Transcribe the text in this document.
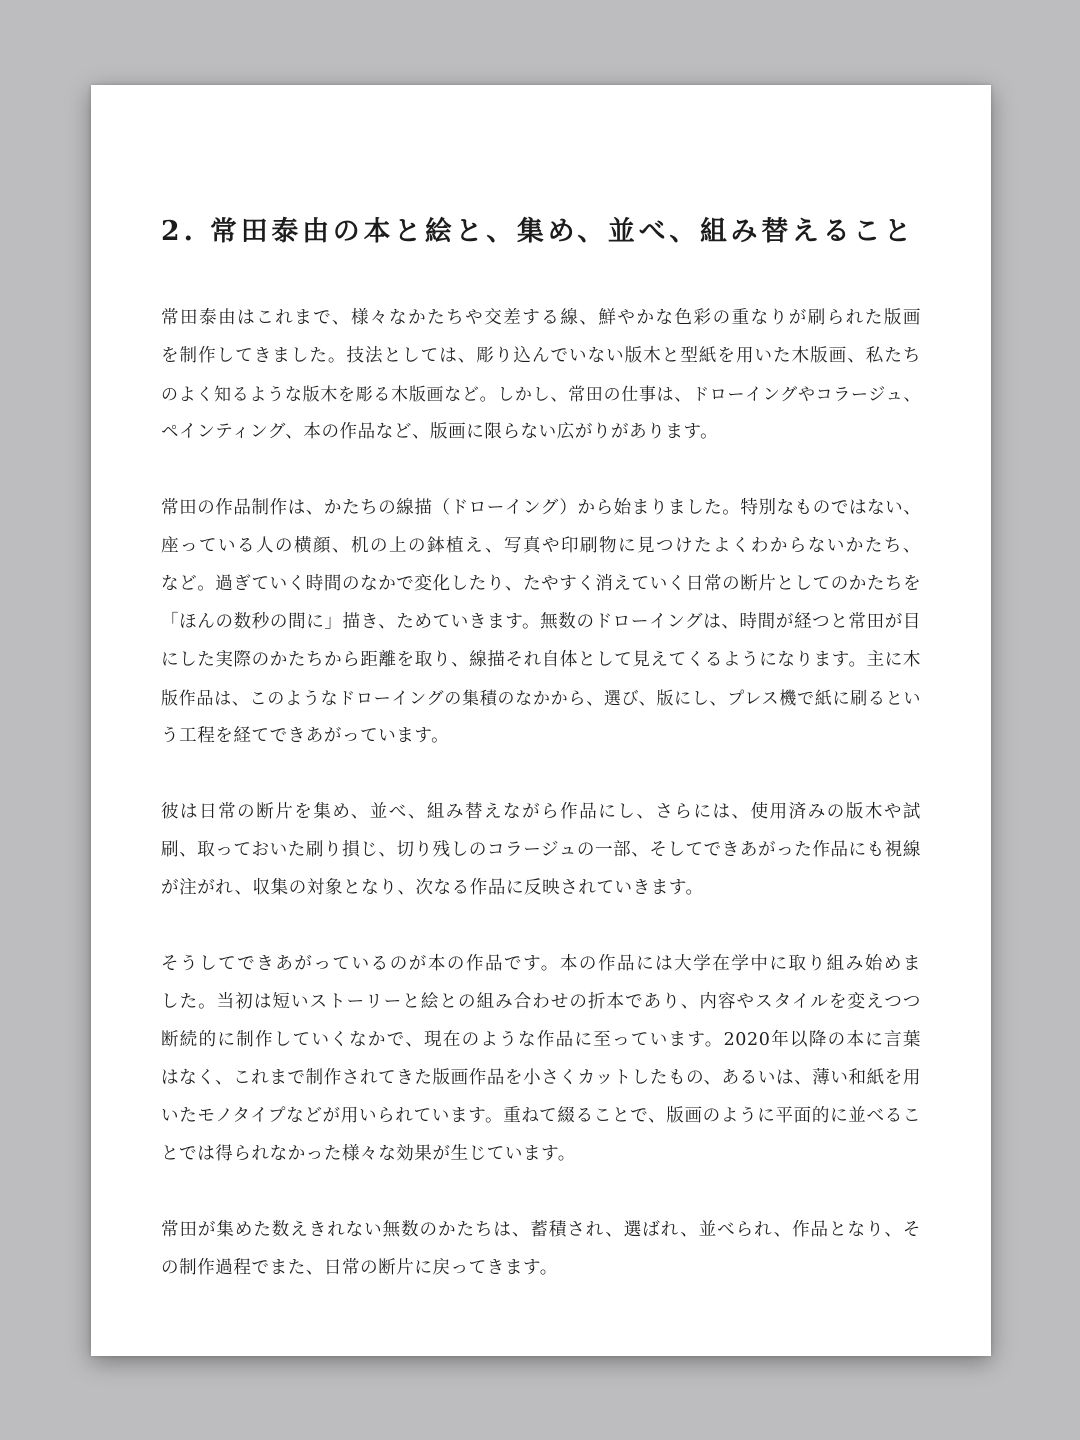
2. 常田泰由の本と絵と、集め、並べ、組み替えること
常田泰由はこれまで、様々なかたちや交差する線、鮮やかな色彩の重なりが刷られた版画
を制作してきました。技法としては、彫り込んでいない版木と型紙を用いた木版画、私たち
のよく知るような版木を彫る木版画など。しかし、常田の仕事は、ドローイングやコラージュ、
ペインティング、本の作品など、版画に限らない広がりがあります。
常田の作品制作は、かたちの線描（ドローイング）から始まりました。特別なものではない、
座っている人の横顔、机の上の鉢植え、写真や印刷物に見つけたよくわからないかたち、
など。過ぎていく時間のなかで変化したり、たやすく消えていく日常の断片としてのかたちを
「ほんの数秒の間に」描き、ためていきます。無数のドローイングは、時間が経つと常田が目
にした実際のかたちから距離を取り、線描それ自体として見えてくるようになります。主に木
版作品は、このようなドローイングの集積のなかから、選び、版にし、プレス機で紙に刷るとい
う工程を経てできあがっています。
彼は日常の断片を集め、並べ、組み替えながら作品にし、さらには、使用済みの版木や試
刷、取っておいた刷り損じ、切り残しのコラージュの一部、そしてできあがった作品にも視線
が注がれ、収集の対象となり、次なる作品に反映されていきます。
そうしてできあがっているのが本の作品です。本の作品には大学在学中に取り組み始めま
した。当初は短いストーリーと絵との組み合わせの折本であり、内容やスタイルを変えつつ
断続的に制作していくなかで、現在のような作品に至っています。2020年以降の本に言葉
はなく、これまで制作されてきた版画作品を小さくカットしたもの、あるいは、薄い和紙を用
いたモノタイプなどが用いられています。重ねて綴ることで、版画のように平面的に並べるこ
とでは得られなかった様々な効果が生じています。
常田が集めた数えきれない無数のかたちは、蓄積され、選ばれ、並べられ、作品となり、そ
の制作過程でまた、日常の断片に戻ってきます。
